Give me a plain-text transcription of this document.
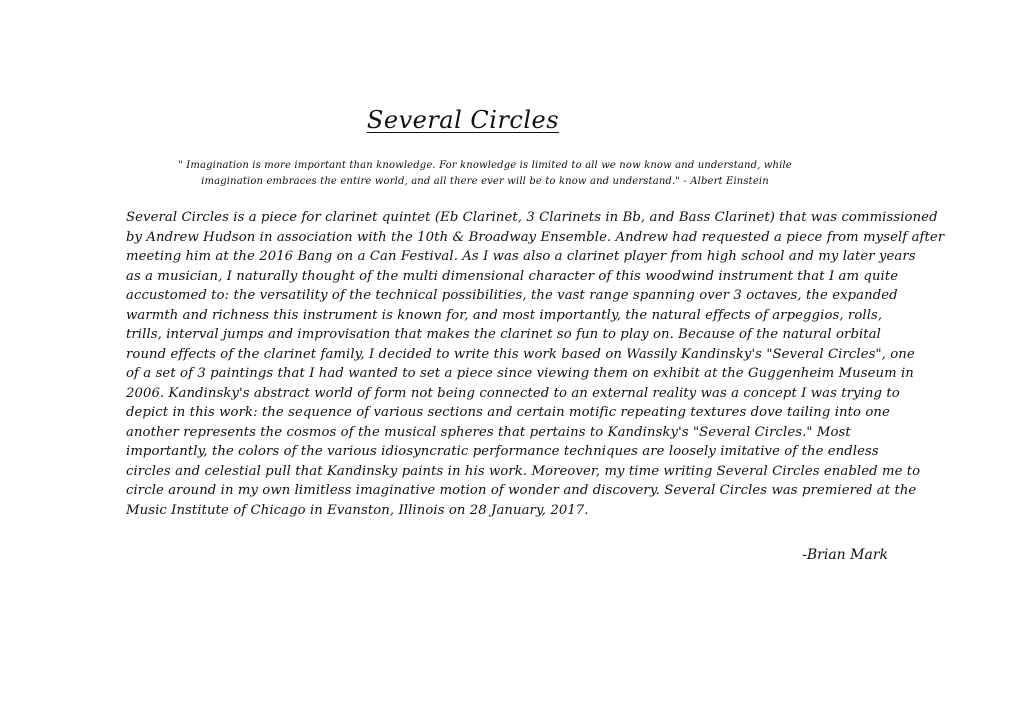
Several Circles
" Imagination is more important than knowledge. For knowledge is limited to all we now know and understand, while
imagination embraces the entire world, and all there ever will be to know and understand." - Albert Einstein
Several Circles is a piece for clarinet quintet (Eb Clarinet, 3 Clarinets in Bb, and Bass Clarinet) that was commissioned
by Andrew Hudson in association with the 10th & Broadway Ensemble. Andrew had requested a piece from myself after
meeting him at the 2016 Bang on a Can Festival. As I was also a clarinet player from high school and my later years
as a musician, I naturally thought of the multi dimensional character of this woodwind instrument that I am quite
accustomed to: the versatility of the technical possibilities, the vast range spanning over 3 octaves, the expanded
warmth and richness this instrument is known for, and most importantly, the natural effects of arpeggios, rolls,
trills, interval jumps and improvisation that makes the clarinet so fun to play on. Because of the natural orbital
round effects of the clarinet family, I decided to write this work based on Wassily Kandinsky's "Several Circles", one
of a set of 3 paintings that I had wanted to set a piece since viewing them on exhibit at the Guggenheim Museum in
2006. Kandinsky's abstract world of form not being connected to an external reality was a concept I was trying to
depict in this work: the sequence of various sections and certain motific repeating textures dove tailing into one
another represents the cosmos of the musical spheres that pertains to Kandinsky's "Several Circles." Most
importantly, the colors of the various idiosyncratic performance techniques are loosely imitative of the endless
circles and celestial pull that Kandinsky paints in his work. Moreover, my time writing Several Circles enabled me to
circle around in my own limitless imaginative motion of wonder and discovery. Several Circles was premiered at the
Music Institute of Chicago in Evanston, Illinois on 28 January, 2017.
-Brian Mark
